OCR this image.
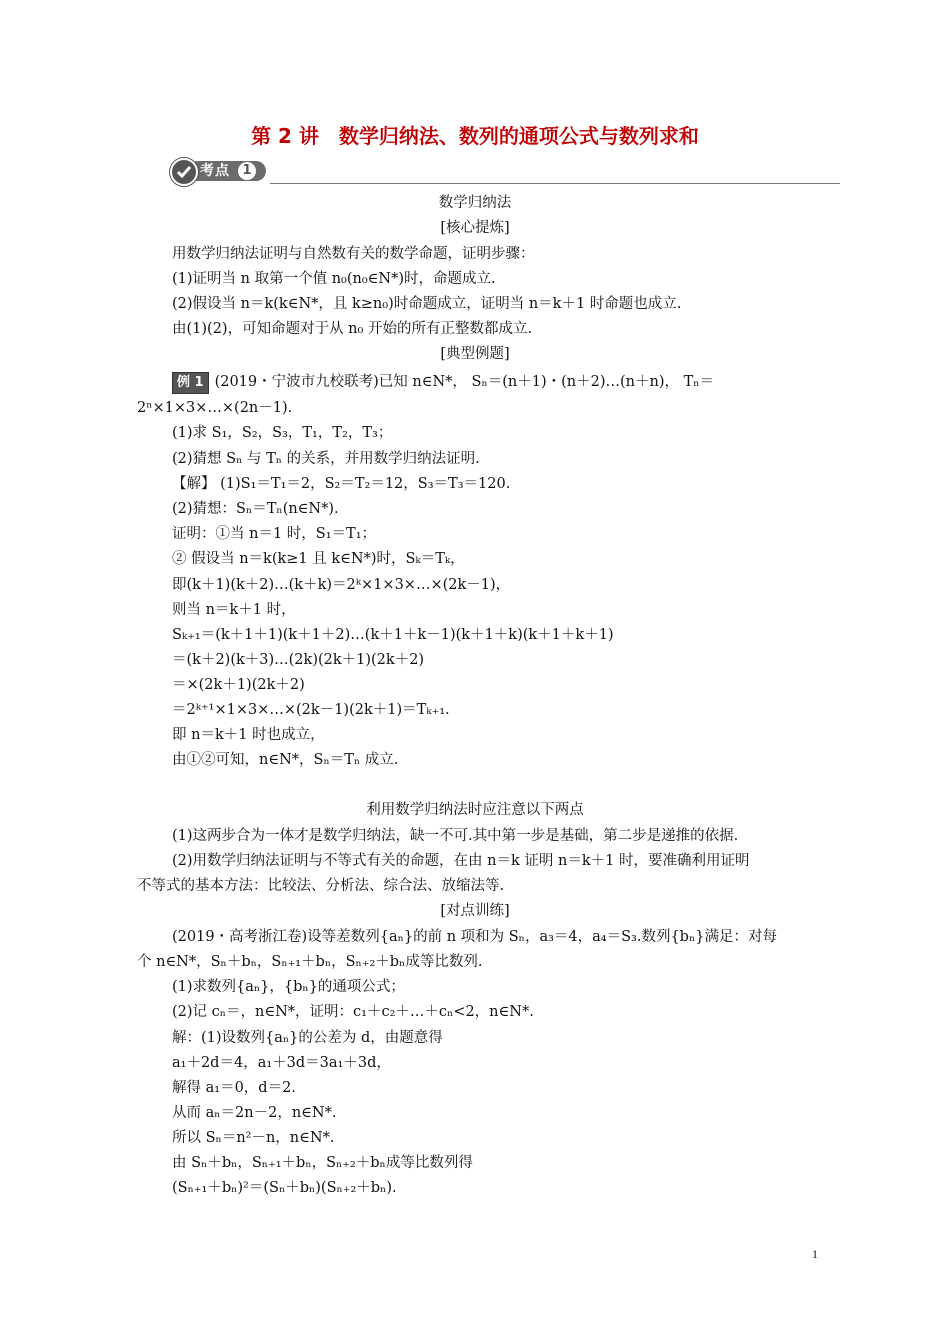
第 2 讲　数学归纳法、数列的通项公式与数列求和
考点 1
数学归纳法
[核心提炼]
用数学归纳法证明与自然数有关的数学命题，证明步骤：
(1)证明当 n 取第一个值 n₀(n₀∈N*)时，命题成立.
(2)假设当 n＝k(k∈N*，且 k≥n₀)时命题成立，证明当 n＝k＋1 时命题也成立.
由(1)(2)，可知命题对于从 n₀ 开始的所有正整数都成立.
[典型例题]
例 1 (2019・宁波市九校联考)已知 n∈N*， Sₙ＝(n＋1)・(n＋2)…(n＋n)， Tₙ＝
2ⁿ×1×3×…×(2n－1).
(1)求 S₁，S₂，S₃，T₁，T₂，T₃；
(2)猜想 Sₙ 与 Tₙ 的关系，并用数学归纳法证明.
【解】 (1)S₁＝T₁＝2，S₂＝T₂＝12，S₃＝T₃＝120.
(2)猜想：Sₙ＝Tₙ(n∈N*).
证明：①当 n＝1 时，S₁＝T₁；
② 假设当 n＝k(k≥1 且 k∈N*)时，Sₖ＝Tₖ，
即(k＋1)(k＋2)…(k＋k)＝2ᵏ×1×3×…×(2k－1)，
则当 n＝k＋1 时，
Sₖ₊₁＝(k＋1＋1)(k＋1＋2)…(k＋1＋k－1)(k＋1＋k)(k＋1＋k＋1)
＝(k＋2)(k＋3)…(2k)(2k＋1)(2k＋2)
＝×(2k＋1)(2k＋2)
＝2ᵏ⁺¹×1×3×…×(2k－1)(2k＋1)＝Tₖ₊₁.
即 n＝k＋1 时也成立，
由①②可知，n∈N*，Sₙ＝Tₙ 成立.
利用数学归纳法时应注意以下两点
(1)这两步合为一体才是数学归纳法，缺一不可.其中第一步是基础，第二步是递推的依据.
(2)用数学归纳法证明与不等式有关的命题，在由 n＝k 证明 n＝k＋1 时，要准确利用证明
不等式的基本方法：比较法、分析法、综合法、放缩法等.
[对点训练]
(2019・高考浙江卷)设等差数列{aₙ}的前 n 项和为 Sₙ，a₃＝4，a₄＝S₃.数列{bₙ}满足：对每
个 n∈N*，Sₙ＋bₙ，Sₙ₊₁＋bₙ，Sₙ₊₂＋bₙ成等比数列.
(1)求数列{aₙ}，{bₙ}的通项公式；
(2)记 cₙ＝，n∈N*，证明：c₁＋c₂＋…＋cₙ<2，n∈N*.
解：(1)设数列{aₙ}的公差为 d，由题意得
a₁＋2d＝4，a₁＋3d＝3a₁＋3d，
解得 a₁＝0，d＝2.
从而 aₙ＝2n－2，n∈N*.
所以 Sₙ＝n²－n，n∈N*.
由 Sₙ＋bₙ，Sₙ₊₁＋bₙ，Sₙ₊₂＋bₙ成等比数列得
(Sₙ₊₁＋bₙ)²＝(Sₙ＋bₙ)(Sₙ₊₂＋bₙ).
1
